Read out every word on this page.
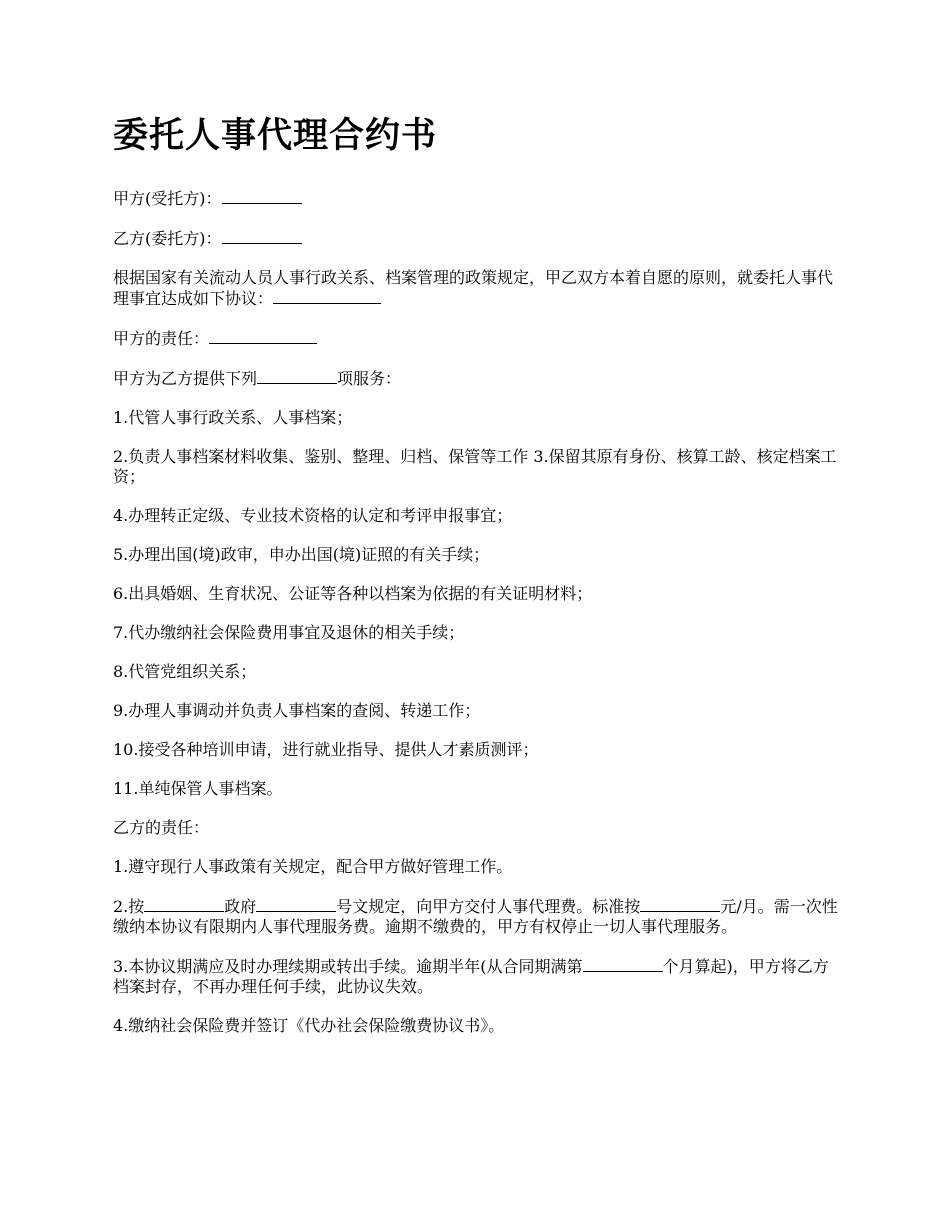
委托人事代理合约书

甲方(受托方)：

乙方(委托方)：

根据国家有关流动人员人事行政关系、档案管理的政策规定，甲乙双方本着自愿的原则，就委托人事代理事宜达成如下协议：

甲方的责任：

甲方为乙方提供下列	项服务：

1.代管人事行政关系、人事档案；

2.负责人事档案材料收集、鉴别、整理、归档、保管等工作 3.保留其原有身份、核算工龄、核定档案工资；

4.办理转正定级、专业技术资格的认定和考评申报事宜；

5.办理出国(境)政审，申办出国(境)证照的有关手续；

6.出具婚姻、生育状况、公证等各种以档案为依据的有关证明材料；

7.代办缴纳社会保险费用事宜及退休的相关手续；

8.代管党组织关系；

9.办理人事调动并负责人事档案的查阅、转递工作；

10.接受各种培训申请，进行就业指导、提供人才素质测评；

11.单纯保管人事档案。

乙方的责任：

1.遵守现行人事政策有关规定，配合甲方做好管理工作。

2.按	政府	号文规定，向甲方交付人事代理费。标准按	元/月。需一次性缴纳本协议有限期内人事代理服务费。逾期不缴费的，甲方有权停止一切人事代理服务。

3.本协议期满应及时办理续期或转出手续。逾期半年(从合同期满第	个月算起)，甲方将乙方档案封存，不再办理任何手续，此协议失效。

4.缴纳社会保险费并签订《代办社会保险缴费协议书》。
